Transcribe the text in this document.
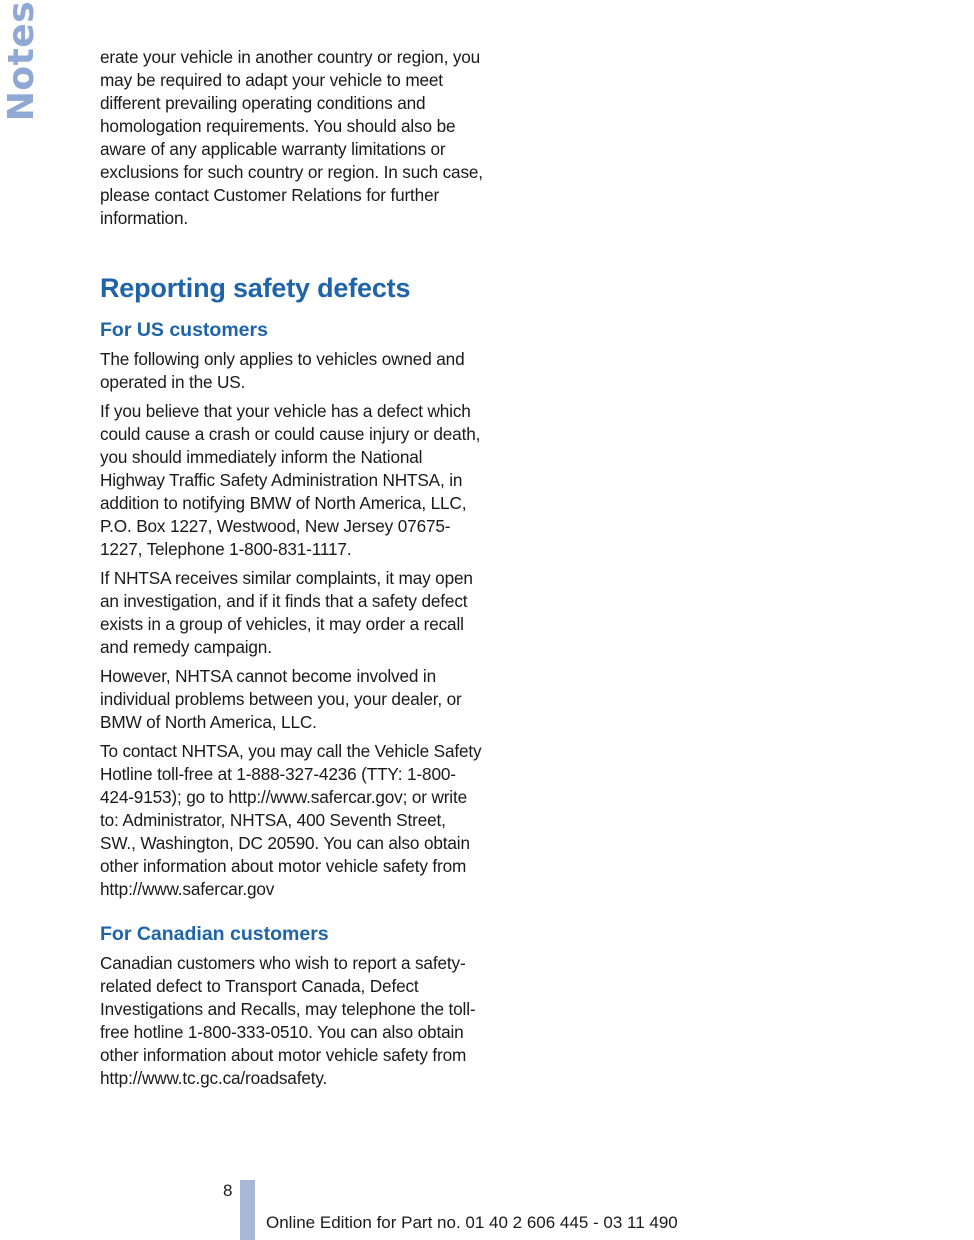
Notes	erate your vehicle in another country or region, you may be required to adapt your vehicle to meet different prevailing operating conditions and homologation requirements. You should also be aware of any applicable warranty limitations or exclusions for such country or region. In such case, please contact Customer Relations for further information.

Reporting safety defects
For US customers

The following only applies to vehicles owned and operated in the US.

If you believe that your vehicle has a defect which could cause a crash or could cause injury or death, you should immediately inform the National Highway Traffic Safety Administration NHTSA, in addition to notifying BMW of North America, LLC, P.O. Box 1227, Westwood, New Jersey 07675-1227, Telephone 1-800-831-1117.

If NHTSA receives similar complaints, it may open an investigation, and if it finds that a safety defect exists in a group of vehicles, it may order a recall and remedy campaign.

However, NHTSA cannot become involved in individual problems between you, your dealer, or BMW of North America, LLC.

To contact NHTSA, you may call the Vehicle Safety Hotline toll-free at 1-888-327-4236 (TTY: 1-800-424-9153); go to http://www.safercar.gov; or write to: Administrator, NHTSA, 400 Seventh Street, SW., Washington, DC 20590. You can also obtain other information about motor vehicle safety from http://www.safercar.gov

For Canadian customers

Canadian customers who wish to report a safety-related defect to Transport Canada, Defect Investigations and Recalls, may telephone the toll-free hotline 1-800-333-0510. You can also obtain other information about motor vehicle safety from http://www.tc.gc.ca/roadsafety.

8
Online Edition for Part no. 01 40 2 606 445 - 03 11 490
